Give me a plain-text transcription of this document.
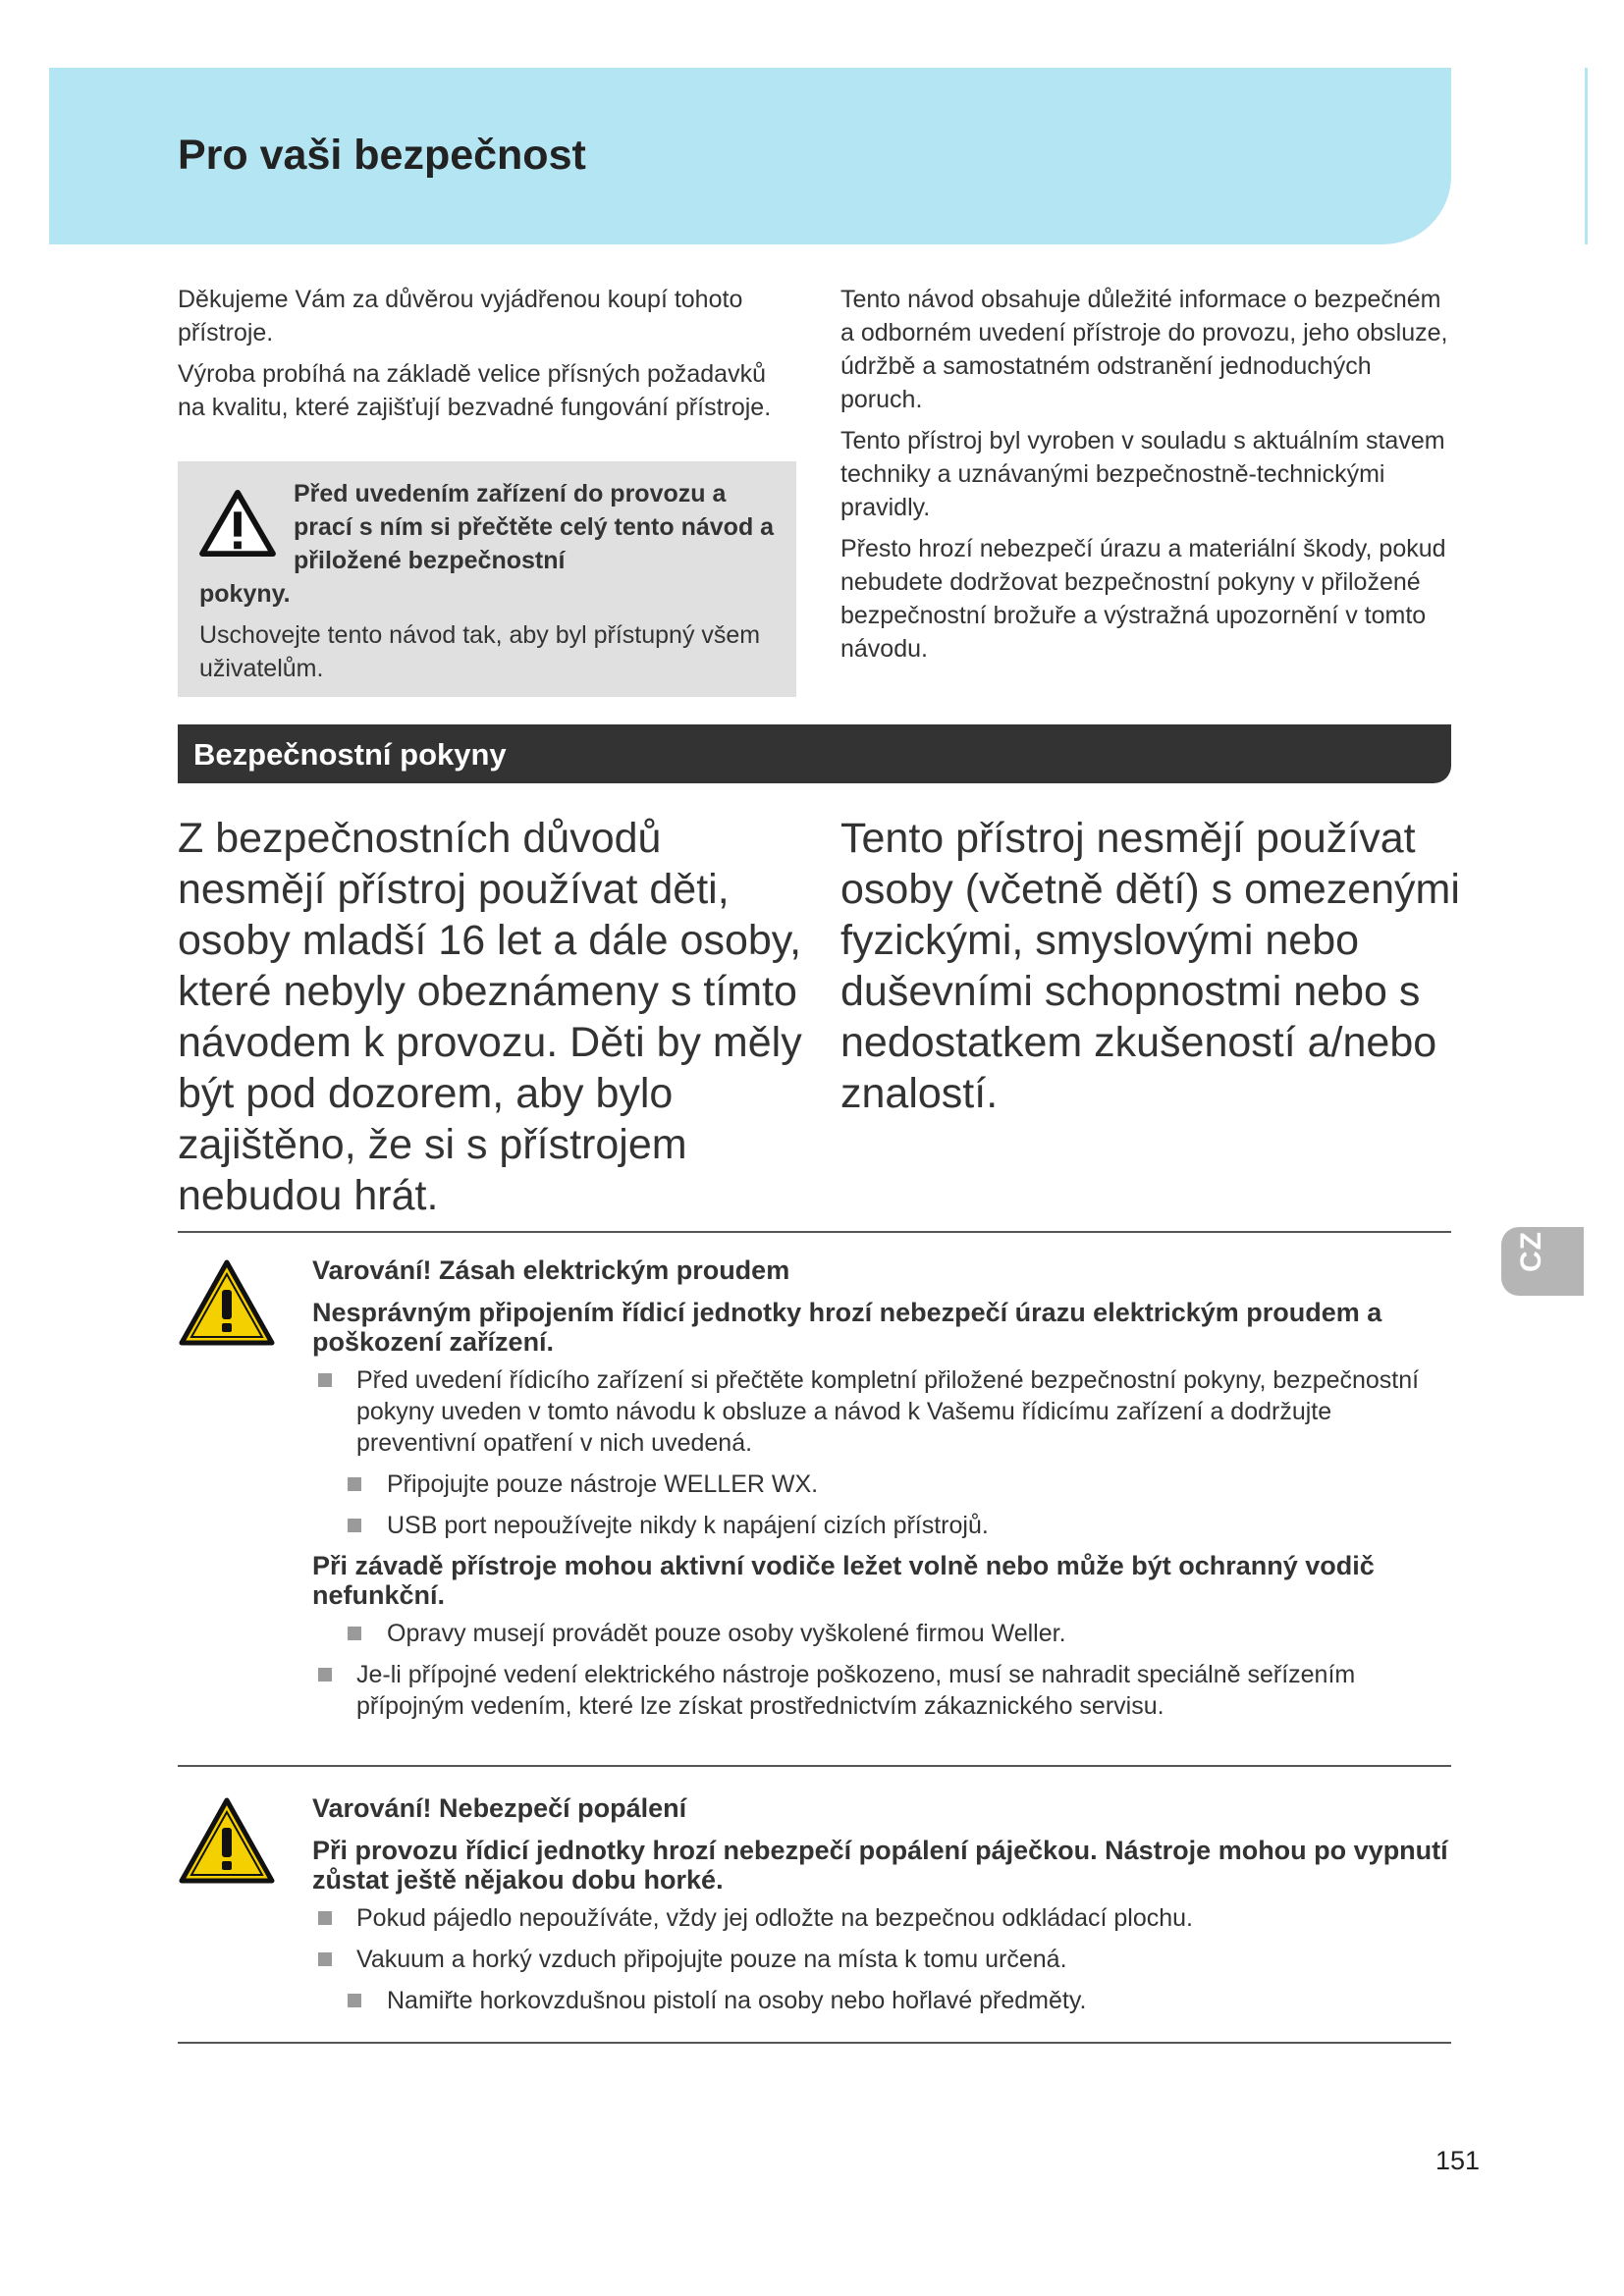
Pro vaši bezpečnost
CZ

Děkujeme Vám za důvěrou vyjádřenou koupí tohoto přístroje.

Výroba probíhá na základě velice přísných požadavků na kvalitu, které zajišťují bezvadné fungování přístroje.

Před uvedením zařízení do provozu a prací s ním si přečtěte celý tento návod a přiložené bezpečnostní

pokyny.

Uschovejte tento návod tak, aby byl přístupný všem uživatelům.

Tento návod obsahuje důležité informace o bezpečném a odborném uvedení přístroje do provozu, jeho obsluze, údržbě a samostatném odstranění jednoduchých poruch.

Tento přístroj byl vyroben v souladu s aktuálním stavem techniky a uznávanými bezpečnostně-technickými pravidly.

Přesto hrozí nebezpečí úrazu a materiální škody, pokud nebudete dodržovat bezpečnostní pokyny v přiložené bezpečnostní brožuře a výstražná upozornění v tomto návodu.

Bezpečnostní pokyny

Z bezpečnostních důvodů nesmějí přístroj používat děti, osoby mladší 16 let a dále osoby, které nebyly obeznámeny s tímto návodem k provozu. Děti by měly být pod dozorem, aby bylo zajištěno, že si s přístrojem nebudou hrát.

Tento přístroj nesmějí používat osoby (včetně dětí) s omezenými fyzickými, smyslovými nebo duševními schopnostmi nebo s nedostatkem zkušeností a/nebo znalostí.

Varování! Zásah elektrickým proudem

Nesprávným připojením řídicí jednotky hrozí nebezpečí úrazu elektrickým proudem a poškození zařízení.

Před uvedení řídicího zařízení si přečtěte kompletní přiložené bezpečnostní pokyny, bezpečnostní pokyny uveden v tomto návodu k obsluze a návod k Vašemu řídicímu zařízení a dodržujte preventivní opatření v nich uvedená.
Připojujte pouze nástroje WELLER WX.
USB port nepoužívejte nikdy k napájení cizích přístrojů.

Při závadě přístroje mohou aktivní vodiče ležet volně nebo může být ochranný vodič nefunkční.

Opravy musejí provádět pouze osoby vyškolené firmou Weller.
Je-li přípojné vedení elektrického nástroje poškozeno, musí se nahradit speciálně seřízením přípojným vedením, které lze získat prostřednictvím zákaznického servisu.

Varování! Nebezpečí popálení

Při provozu řídicí jednotky hrozí nebezpečí popálení páječkou. Nástroje mohou po vypnutí zůstat ještě nějakou dobu horké.

Pokud pájedlo nepoužíváte, vždy jej odložte na bezpečnou odkládací plochu.
Vakuum a horký vzduch připojujte pouze na místa k tomu určená.
Namiřte horkovzdušnou pistolí na osoby nebo hořlavé předměty.
151
